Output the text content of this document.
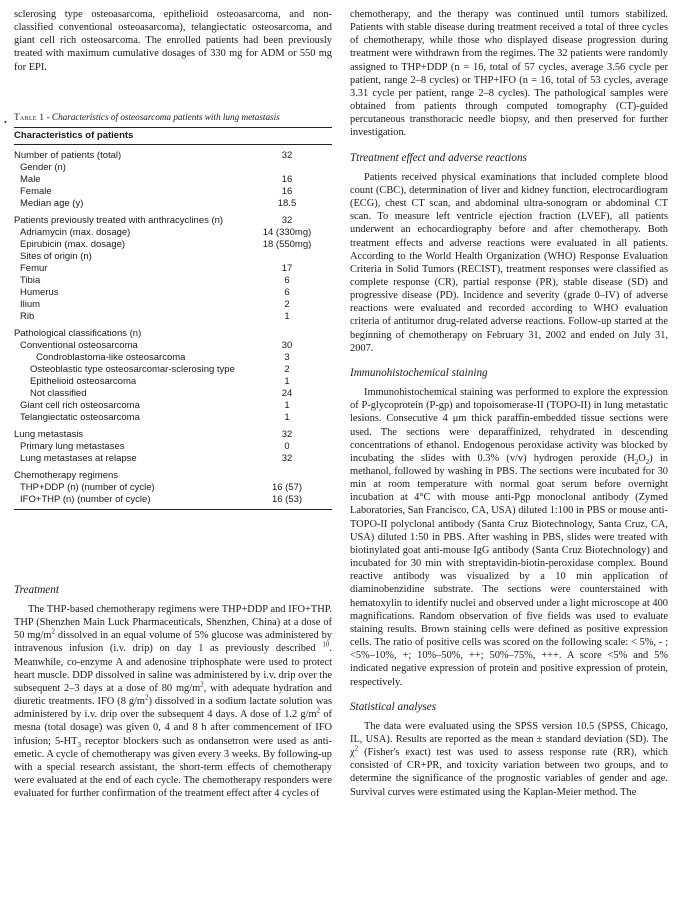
•

sclerosing type osteoasarcoma, epithelioid osteoasarcoma, and non-classified conventional osteoasarcoma), telangiectatic osteosarcoma, and giant cell rich osteosarcoma. The enrolled patients had been previously treated with maximum cumulative dosages of 330 mg for ADM or 550 mg for EPI.

Table 1 - Characteristics of osteosarcoma patients with lung metastasis
Characteristics of patients	
Number of patients (total)	32
Gender (n)	
Male	16
Female	16
Median age (y)	18.5
Patients previously treated with anthracyclines (n)	32
Adriamycin (max. dosage)	14 (330mg)
Epirubicin (max. dosage)	18 (550mg)
Sites of origin (n)	
Femur	17
Tibia	6
Humerus	6
Ilium	2
Rib	1
Pathological classifications (n)	
Conventional osteosarcoma	30
Condroblastoma-like osteosarcoma	3
Osteoblastic type osteosarcomar-sclerosing type	2
Epithelioid osteosarcoma	1
Not classified	24
Giant cell rich osteosarcoma	1
Telangiectatic osteosarcoma	1
Lung metastasis	32
Primary lung metastases	0
Lung metastases at relapse	32
Chemotherapy regimens	
THP+DDP (n) (number of cycle)	16 (57)
IFO+THP (n) (number of cycle)	16 (53)
Treatment

The THP-based chemotherapy regimens were THP+DDP and IFO+THP. THP (Shenzhen Main Luck Pharmaceuticals, Shenzhen, China) at a dose of 50 $mg/m^2$ dissolved in an equal volume of 5% glucose was administered by intravenous infusion (i.v. drip) on day 1 as previously described $^{10}$. Meanwhile, co-enzyme A and adenosine triphosphate were used to protect heart muscle. DDP dissolved in saline was administered by i.v. drip over the subsequent 2–3 days at a dose of 80 $mg/m^2$, with adequate hydration and diuretic treatments. IFO (8 $g/m^2$) dissolved in a sodium lactate solution was administered by i.v. drip over the subsequent 4 days. A dose of 1.2 $g/m^2$ of mesna (total dosage) was given 0, 4 and 8 h after commencement of IFO infusion; $5-HT_3$ receptor blockers such as ondansetron were used as anti-emetic. A cycle of chemotherapy was given every 3 weeks. By following-up with a special research assistant, the short-term effects of chemotherapy were evaluated at the end of each cycle. The chemotherapy responders were evaluated for further confirmation of the treatment effect after 4 cycles of

chemotherapy, and the therapy was continued until tumors stabilized. Patients with stable disease during treatment received a total of three cycles of chemotherapy, while those who displayed disease progression during treatment were withdrawn from the regimes. The 32 patients were randomly assigned to THP+DDP (n = 16, total of 57 cycles, average 3.56 cycle per patient, range 2–8 cycles) or THP+IFO (n = 16, total of 53 cycles, average 3.31 cycle per patient, range 2–8 cycles). The pathological samples were obtained from patients through computed tomography (CT)-guided percutaneous transthoracic needle biopsy, and then preserved for further investigation.

Ttreatment effect and adverse reactions

Patients received physical examinations that included complete blood count (CBC), determination of liver and kidney function, electrocardiogram (ECG), chest CT scan, and abdominal ultra-sonogram or abdominal CT scan. To measure left ventricle ejection fraction (LVEF), all patients underwent an echocardiography before and after chemotherapy. Both treatment effects and adverse reactions were evaluated in all patients. According to the World Health Organization (WHO) Response Evaluation Criteria in Solid Tumors (RECIST), treatment responses were classified as complete response (CR), partial response (PR), stable disease (SD) and progressive disease (PD). Incidence and severity (grade 0–IV) of adverse reactions were evaluated and recorded according to WHO evaluation criteria of antitumor drug-related adverse reactions. Follow-up started at the beginning of chemotherapy on February 31, 2002 and ended on July 31, 2007.

Immunohistochemical staining

Immunohistochemical staining was performed to explore the expression of P-glycoprotein (P-gp) and topoisomerase-II (TOPO-II) in lung metastatic lesions. Consecutive 4 μm thick paraffin-embedded tissue sections were used. The sections were deparaffinized, rehydrated in descending concentrations of ethanol. Endogenous peroxidase activity was blocked by incubating the slides with 0.3% (v/v) hydrogen peroxide $(H_2O_2)$ in methanol, followed by washing in PBS. The sections were incubated for 30 min at room temperature with normal goat serum before overnight incubation at 4°C with mouse anti-Pgp monoclonal antibody (Zymed Laboratories, San Francisco, CA, USA) diluted 1:100 in PBS or mouse anti-TOPO-II polyclonal antibody (Santa Cruz Biotechnology, Santa Cruz, CA, USA) diluted 1:50 in PBS. After washing in PBS, slides were treated with biotinylated goat anti-mouse IgG antibody (Santa Cruz Biotechnology) and incubated for 30 min with streptavidin-biotin-peroxidase complex. Bound reactive antibody was visualized by a 10 min application of diaminobenzidine substrate. The sections were counterstained with hematoxylin to identify nuclei and observed under a light microscope at 400 magnifications. Random observation of five fields was used to evaluate staining results. Brown staining cells were defined as positive expression cells. The ratio of positive cells was scored on the following scale: < 5%, - ; <5%–10%, +; 10%–50%, ++; 50%–75%, +++. A score <5% and 5% indicated negative expression of protein and positive expression of protein, respectively.

Statistical analyses

The data were evaluated using the SPSS version 10.5 (SPSS, Chicago, IL, USA). Results are reported as the mean ± standard deviation (SD). The $\chi^2$ (Fisher's exact) test was used to assess response rate (RR), which consisted of CR+PR, and toxicity variation between two groups, and to determine the significance of the prognostic variables of gender and age. Survival curves were estimated using the Kaplan-Meier method. The
